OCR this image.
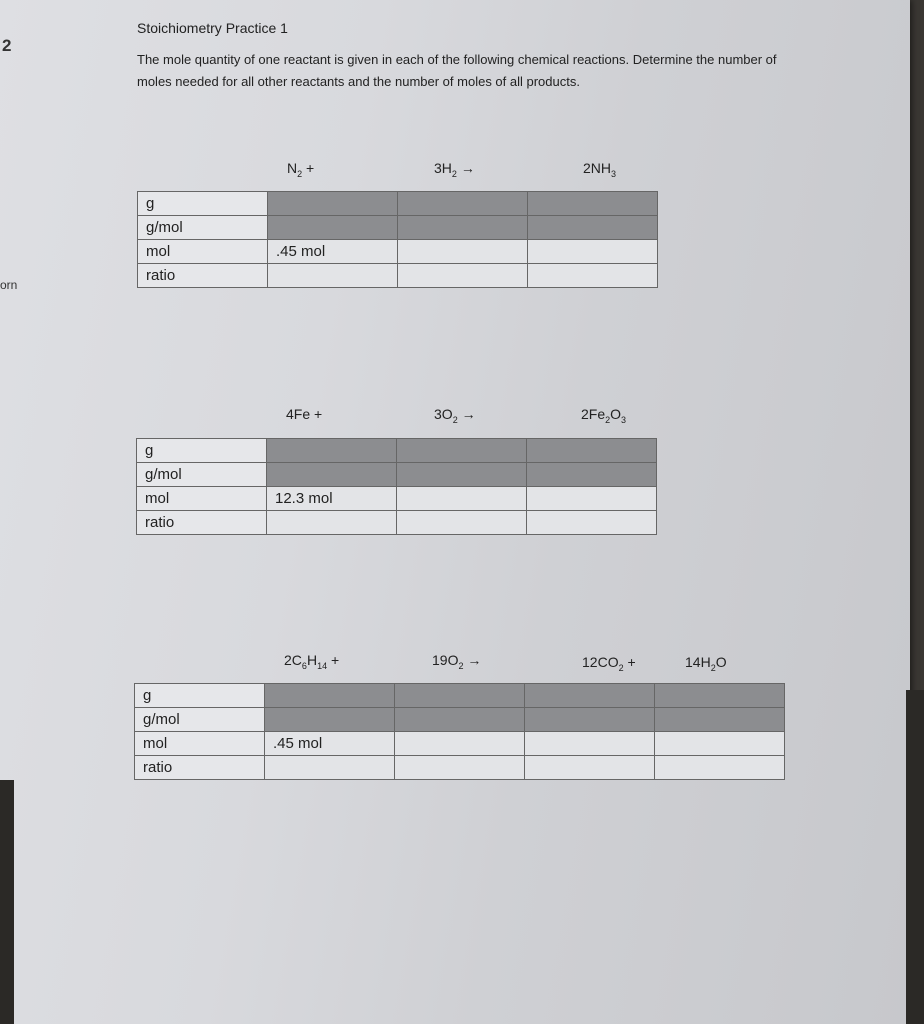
2
orn
Stoichiometry Practice 1
The mole quantity of one reactant is given in each of the following chemical reactions. Determine the number of moles needed for all other reactants and the number of moles of all products.
$N_2$ +	$3H_2$ →	$2NH_3$
g			
g/mol			
mol	.45 mol		
ratio			
4Fe +	$3O_2$ →	$2Fe_2O_3$
g			
g/mol			
mol	12.3 mol		
ratio			
$2C_6H_{14}$ +	$19O_2$ →	$12CO_2$ +	$14H_2O$
g				
g/mol				
mol	.45 mol			
ratio				
